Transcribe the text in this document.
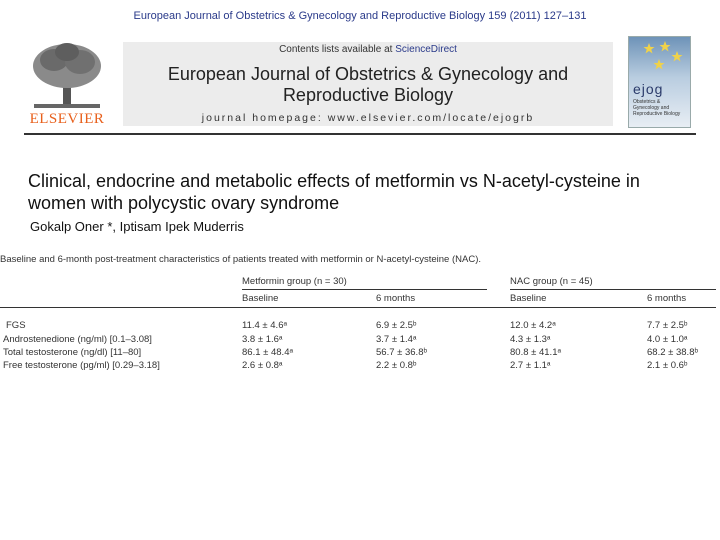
European Journal of Obstetrics & Gynecology and Reproductive Biology 159 (2011) 127–131
ELSEVIER
Contents lists available at ScienceDirect
European Journal of Obstetrics & Gynecology and
Reproductive Biology
journal homepage: www.elsevier.com/locate/ejogrb
ejog
Obstetrics & Gynecology and Reproductive Biology
Clinical, endocrine and metabolic effects of metformin vs N-acetyl-cysteine in
women with polycystic ovary syndrome
Gokalp Oner *, Iptisam Ipek Muderris
Baseline and 6-month post-treatment characteristics of patients treated with metformin or N-acetyl-cysteine (NAC).
Metformin group (n = 30)	NAC group (n = 45)
Baseline	6 months	Baseline	6 months
FGS	11.4 ± 4.6ᵃ	6.9 ± 2.5ᵇ	12.0 ± 4.2ᵃ	7.7 ± 2.5ᵇ
Androstenedione (ng/ml) [0.1–3.08]	3.8 ± 1.6ᵃ	3.7 ± 1.4ᵃ	4.3 ± 1.3ᵃ	4.0 ± 1.0ᵃ
Total testosterone (ng/dl) [11–80]	86.1 ± 48.4ᵃ	56.7 ± 36.8ᵇ	80.8 ± 41.1ᵃ	68.2 ± 38.8ᵇ
Free testosterone (pg/ml) [0.29–3.18]	2.6 ± 0.8ᵃ	2.2 ± 0.8ᵇ	2.7 ± 1.1ᵃ	2.1 ± 0.6ᵇ
